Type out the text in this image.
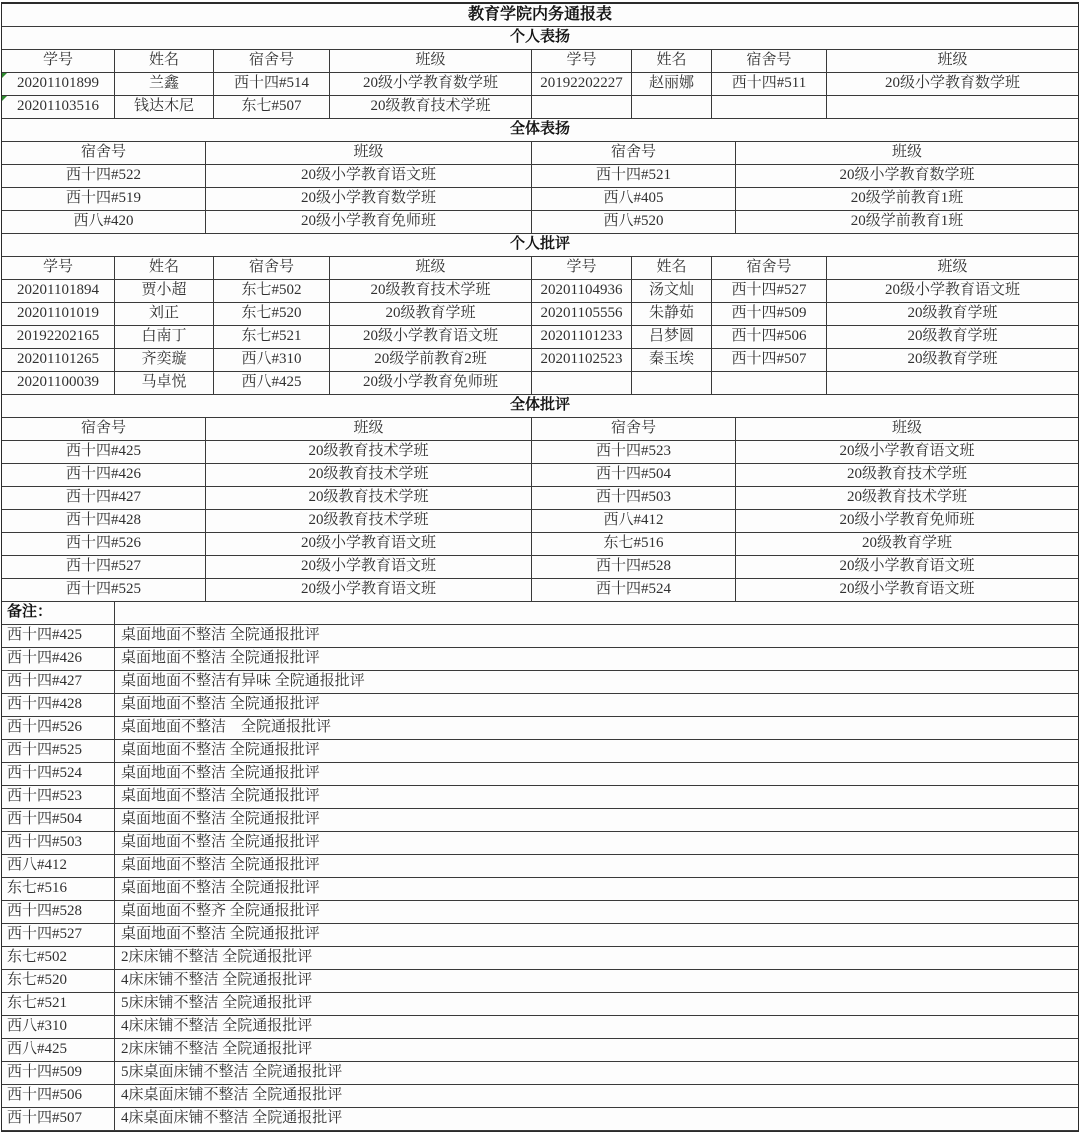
教育学院内务通报表
个人表扬
学号	姓名	宿舍号	班级	学号	姓名	宿舍号	班级
20201101899	兰鑫	西十四#514	20级小学教育数学班	20192202227	赵丽娜	西十四#511	20级小学教育数学班
20201103516	钱达木尼	东七#507	20级教育技术学班
全体表扬
宿舍号	班级	宿舍号	班级
西十四#522	20级小学教育语文班	西十四#521	20级小学教育数学班
西十四#519	20级小学教育数学班	西八#405	20级学前教育1班
西八#420	20级小学教育免师班	西八#520	20级学前教育1班
个人批评
学号	姓名	宿舍号	班级	学号	姓名	宿舍号	班级
20201101894	贾小超	东七#502	20级教育技术学班	20201104936	汤文灿	西十四#527	20级小学教育语文班
20201101019	刘正	东七#520	20级教育学班	20201105556	朱静茹	西十四#509	20级教育学班
20192202165	白南丁	东七#521	20级小学教育语文班	20201101233	吕梦圆	西十四#506	20级教育学班
20201101265	齐奕璇	西八#310	20级学前教育2班	20201102523	秦玉埃	西十四#507	20级教育学班
20201100039	马卓悦	西八#425	20级小学教育免师班
全体批评
宿舍号	班级	宿舍号	班级
西十四#425	20级教育技术学班	西十四#523	20级小学教育语文班
西十四#426	20级教育技术学班	西十四#504	20级教育技术学班
西十四#427	20级教育技术学班	西十四#503	20级教育技术学班
西十四#428	20级教育技术学班	西八#412	20级小学教育免师班
西十四#526	20级小学教育语文班	东七#516	20级教育学班
西十四#527	20级小学教育语文班	西十四#528	20级小学教育语文班
西十四#525	20级小学教育语文班	西十四#524	20级小学教育语文班
备注：
西十四#425	桌面地面不整洁 全院通报批评
西十四#426	桌面地面不整洁 全院通报批评
西十四#427	桌面地面不整洁有异味 全院通报批评
西十四#428	桌面地面不整洁 全院通报批评
西十四#526	桌面地面不整洁　全院通报批评
西十四#525	桌面地面不整洁 全院通报批评
西十四#524	桌面地面不整洁 全院通报批评
西十四#523	桌面地面不整洁 全院通报批评
西十四#504	桌面地面不整洁 全院通报批评
西十四#503	桌面地面不整洁 全院通报批评
西八#412	桌面地面不整洁 全院通报批评
东七#516	桌面地面不整洁 全院通报批评
西十四#528	桌面地面不整齐 全院通报批评
西十四#527	桌面地面不整洁 全院通报批评
东七#502	2床床铺不整洁 全院通报批评
东七#520	4床床铺不整洁 全院通报批评
东七#521	5床床铺不整洁 全院通报批评
西八#310	4床床铺不整洁 全院通报批评
西八#425	2床床铺不整洁 全院通报批评
西十四#509	5床桌面床铺不整洁 全院通报批评
西十四#506	4床桌面床铺不整洁 全院通报批评
西十四#507	4床桌面床铺不整洁 全院通报批评
